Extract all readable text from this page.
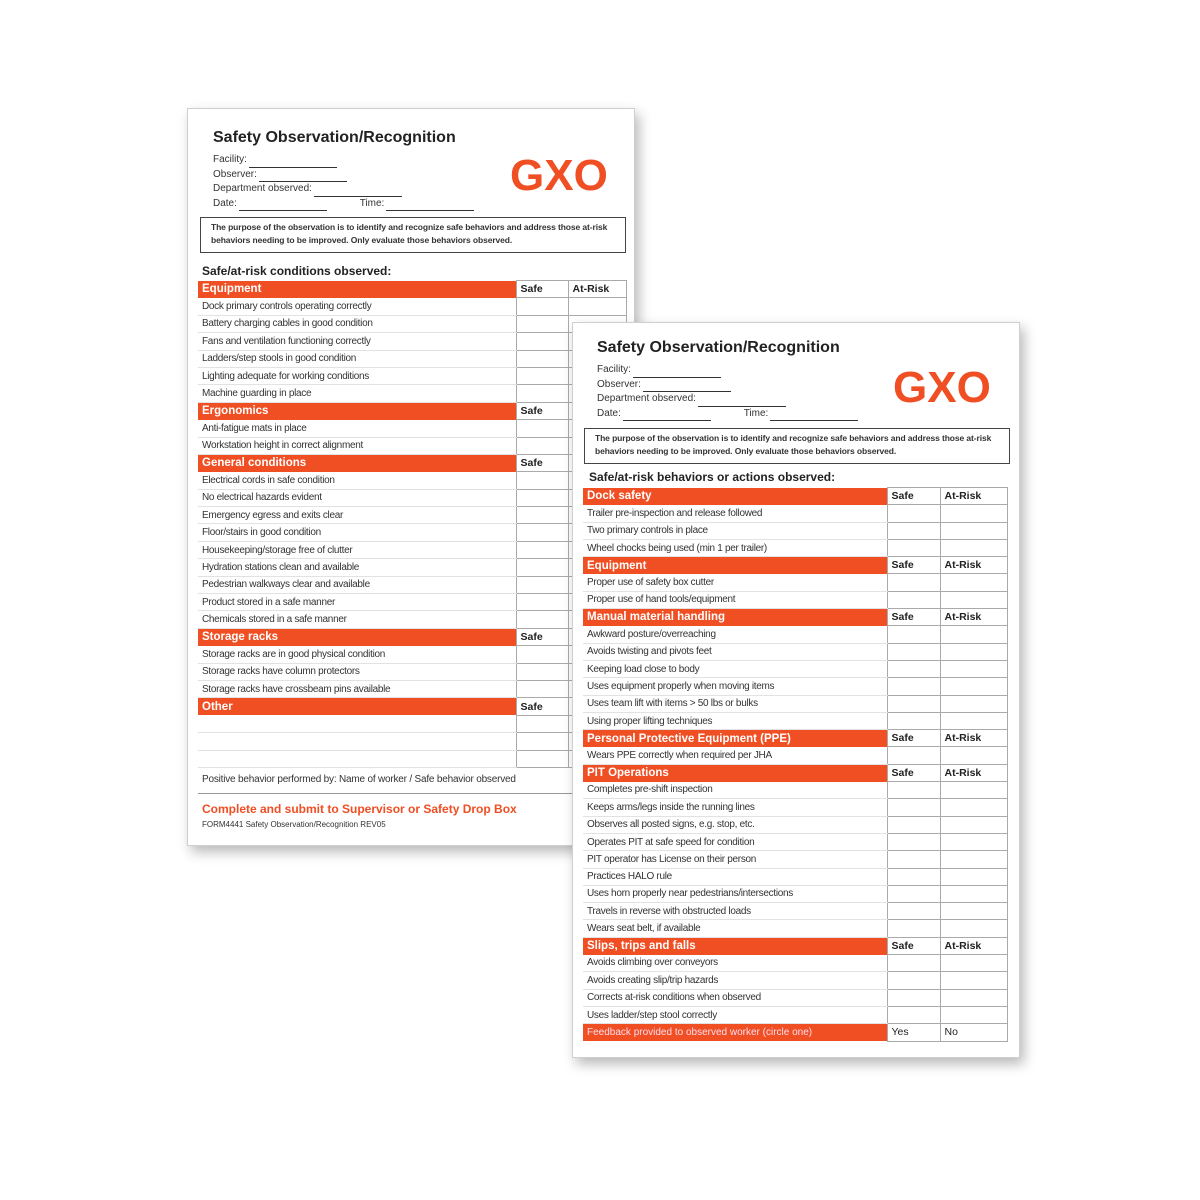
Safety Observation/Recognition
GXO
Facility:
Observer:
Department observed:
Date:	Time:
The purpose of the observation is to identify and recognize safe behaviors and address those at-risk behaviors needing to be improved. Only evaluate those behaviors observed.
Safe/at-risk conditions observed:
Equipment	Safe	At-Risk
Dock primary controls operating correctly		
Battery charging cables in good condition		
Fans and ventilation functioning correctly		
Ladders/step stools in good condition		
Lighting adequate for working conditions		
Machine guarding in place		
Ergonomics	Safe	
Anti-fatigue mats in place		
Workstation height in correct alignment		
General conditions	Safe	
Electrical cords in safe condition		
No electrical hazards evident		
Emergency egress and exits clear		
Floor/stairs in good condition		
Housekeeping/storage free of clutter		
Hydration stations clean and available		
Pedestrian walkways clear and available		
Product stored in a safe manner		
Chemicals stored in a safe manner		
Storage racks	Safe	
Storage racks are in good physical condition		
Storage racks have column protectors		
Storage racks have crossbeam pins available		
Other	Safe	

Positive behavior performed by: Name of worker / Safe behavior observed
Complete and submit to Supervisor or Safety Drop Box
FORM4441 Safety Observation/Recognition REV05
Safety Observation/Recognition
GXO
Facility:
Observer:
Department observed:
Date:	Time:
The purpose of the observation is to identify and recognize safe behaviors and address those at-risk behaviors needing to be improved. Only evaluate those behaviors observed.
Safe/at-risk behaviors or actions observed:
Dock safety	Safe	At-Risk
Trailer pre-inspection and release followed		
Two primary controls in place		
Wheel chocks being used (min 1 per trailer)		
Equipment	Safe	At-Risk
Proper use of safety box cutter		
Proper use of hand tools/equipment		
Manual material handling	Safe	At-Risk
Awkward posture/overreaching		
Avoids twisting and pivots feet		
Keeping load close to body		
Uses equipment properly when moving items		
Uses team lift with items > 50 lbs or bulks		
Using proper lifting techniques		
Personal Protective Equipment (PPE)	Safe	At-Risk
Wears PPE correctly when required per JHA		
PIT Operations	Safe	At-Risk
Completes pre-shift inspection		
Keeps arms/legs inside the running lines		
Observes all posted signs, e.g. stop, etc.		
Operates PIT at safe speed for condition		
PIT operator has License on their person		
Practices HALO rule		
Uses horn properly near pedestrians/intersections		
Travels in reverse with obstructed loads		
Wears seat belt, if available		
Slips, trips and falls	Safe	At-Risk
Avoids climbing over conveyors		
Avoids creating slip/trip hazards		
Corrects at-risk conditions when observed		
Uses ladder/step stool correctly		
Feedback provided to observed worker (circle one)	Yes	No
